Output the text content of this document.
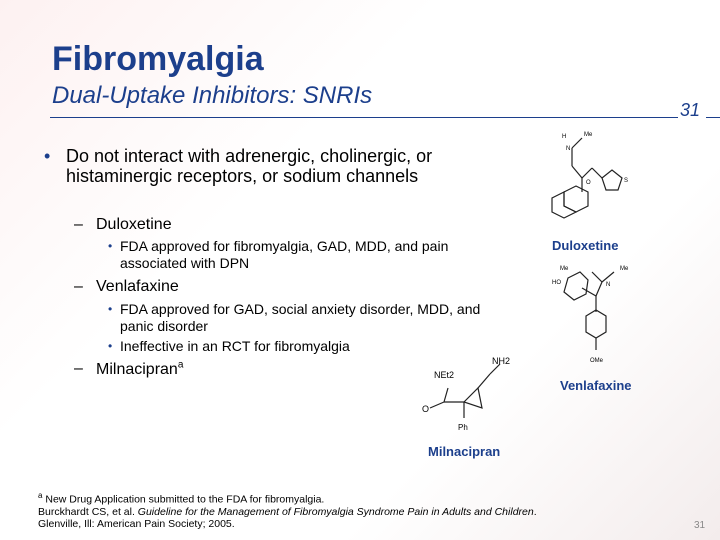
Fibromyalgia
Dual-Uptake Inhibitors: SNRIs
31
• Do not interact with adrenergic, cholinergic, or histaminergic receptors, or sodium channels
– Duloxetine
• FDA approved for fibromyalgia, GAD, MDD, and pain associated with DPN
– Venlafaxine
• FDA approved for GAD, social anxiety disorder, MDD, and panic disorder
• Ineffective in an RCT for fibromyalgia
– Milnacipran$^a$
Me
H
N
O	S
Duloxetine
Me	Me
N
HO
OMe
Venlafaxine
NEt2
NH2
O
Ph
Milnacipran
$^a$ New Drug Application submitted to the FDA for fibromyalgia.
Burckhardt CS, et al. Guideline for the Management of Fibromyalgia Syndrome Pain in Adults and Children.
Glenville, Ill: American Pain Society; 2005.	31
